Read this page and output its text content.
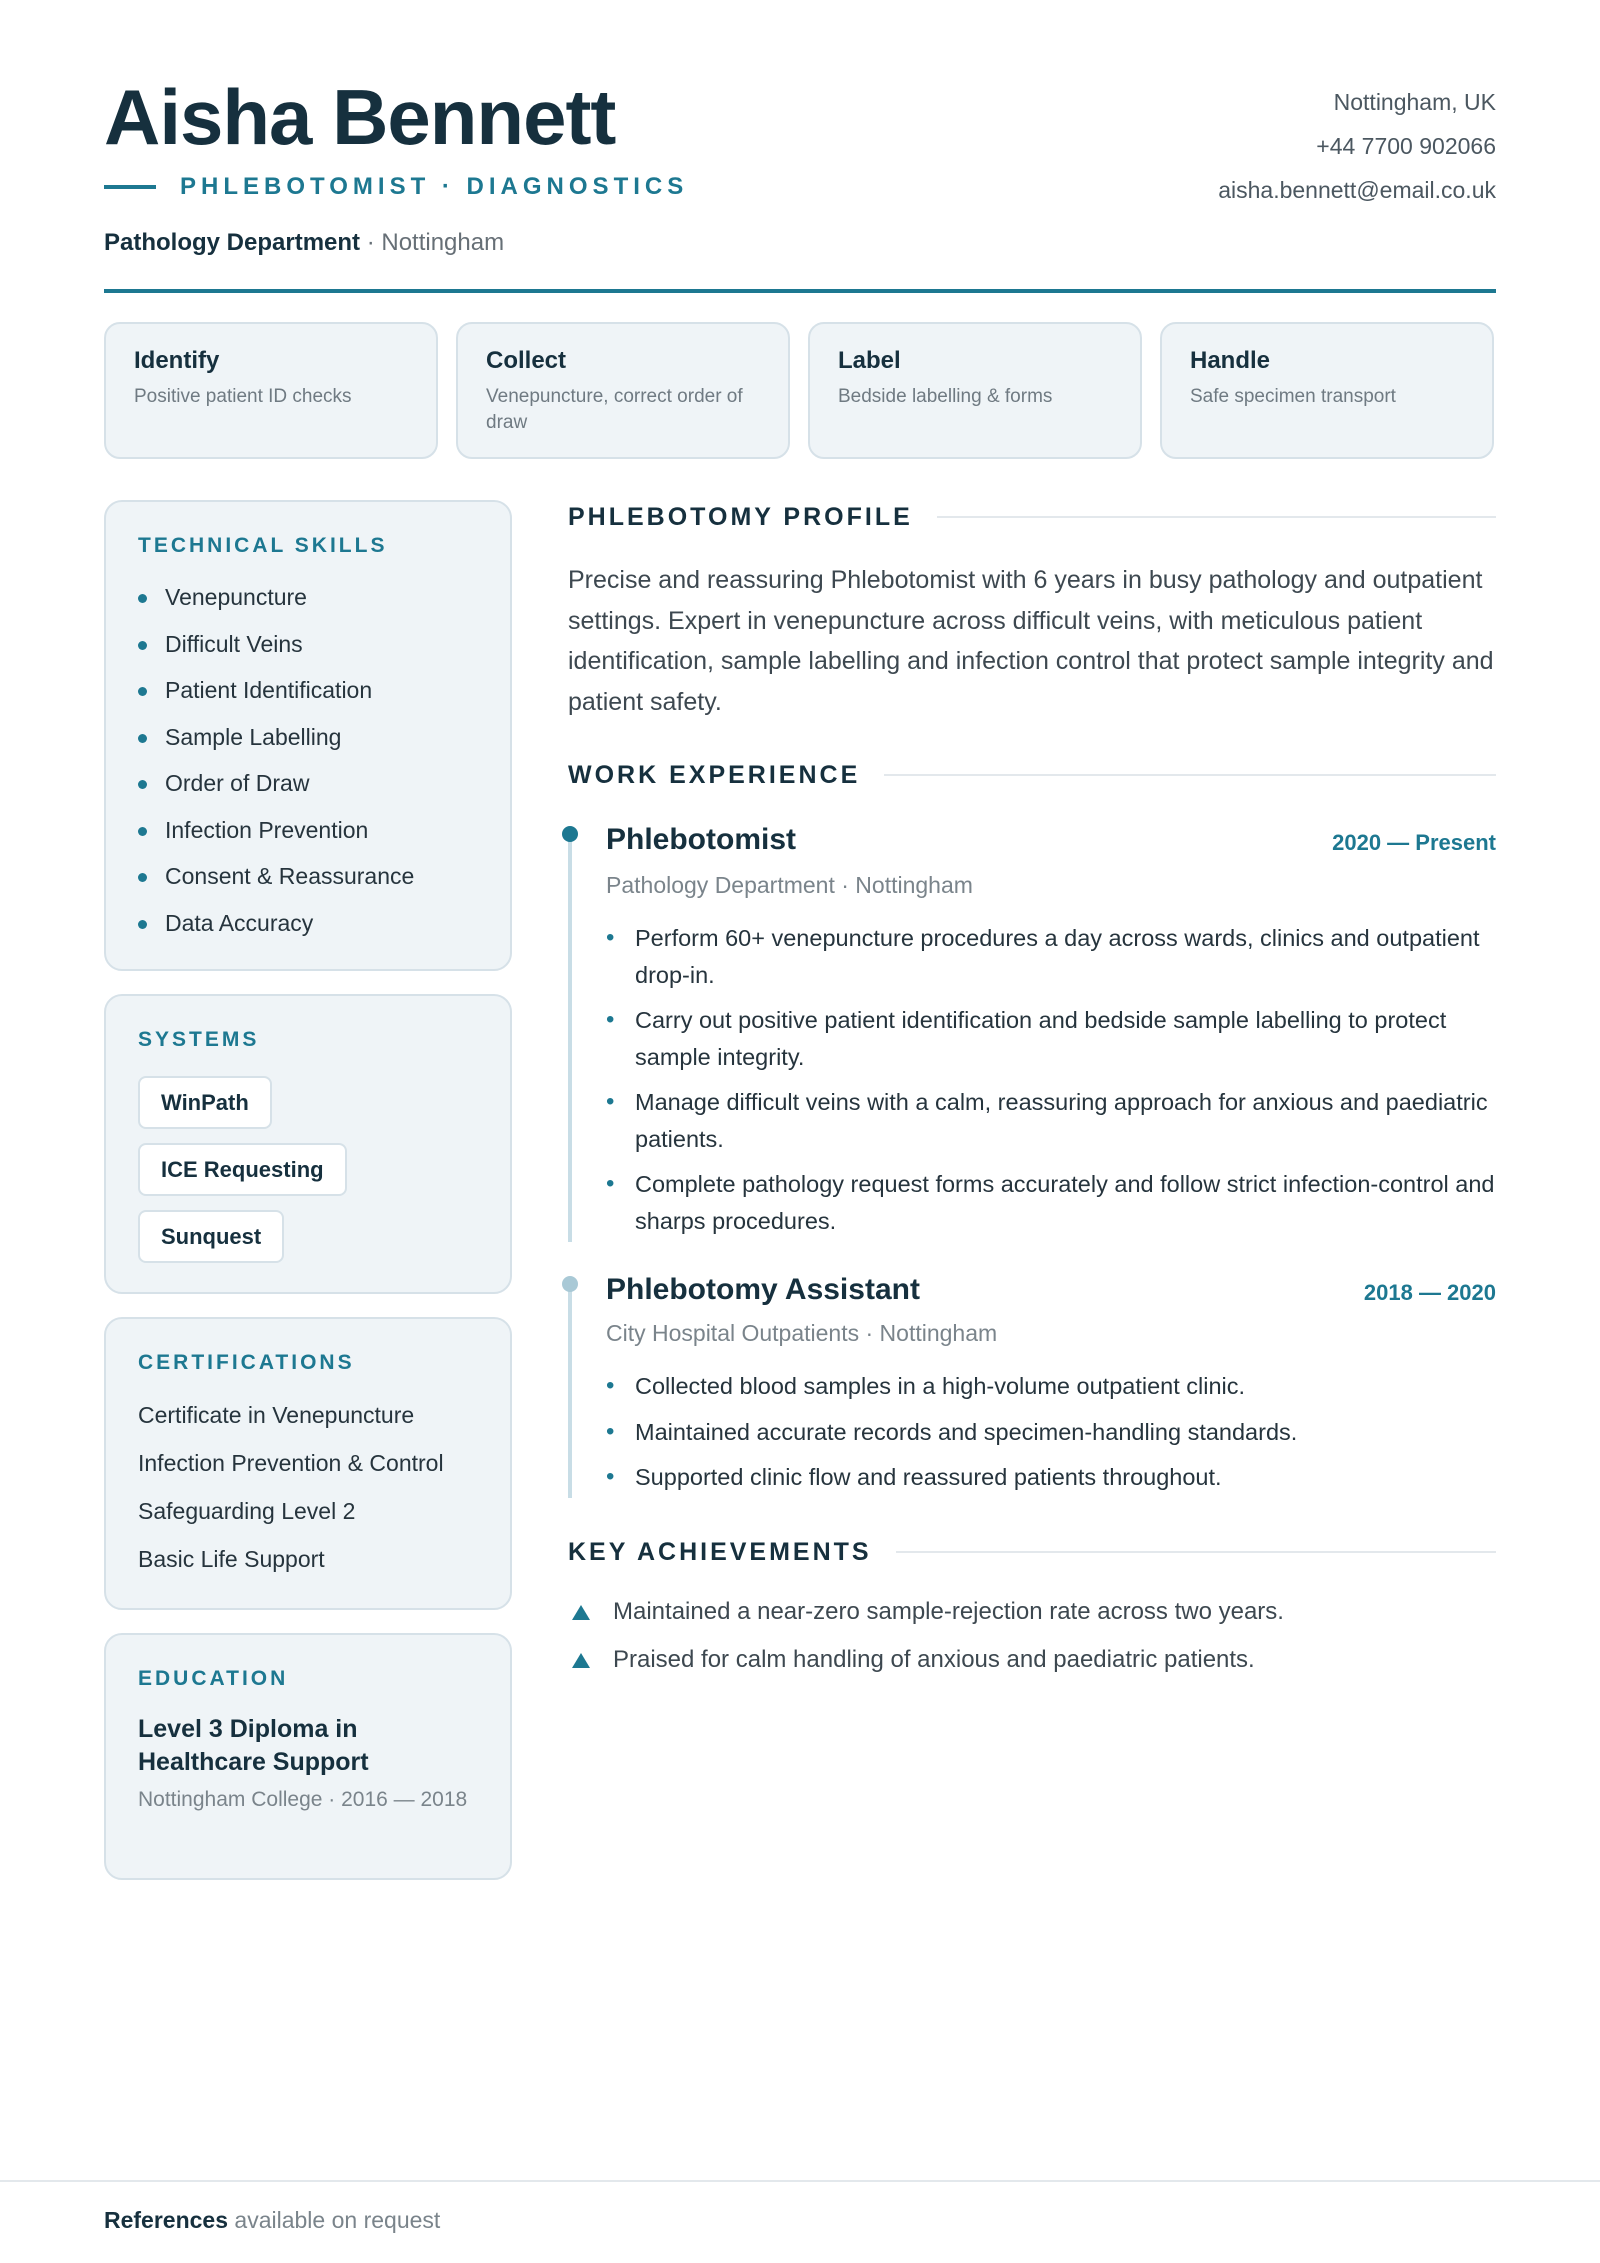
Aisha Bennett
PHLEBOTOMIST · DIAGNOSTICS
Pathology Department · Nottingham
Nottingham, UK
+44 7700 902066
aisha.bennett@email.co.uk
Identify
Positive patient ID checks
Collect
Venepuncture, correct order of draw
Label
Bedside labelling & forms
Handle
Safe specimen transport
TECHNICAL SKILLS
Venepuncture
Difficult Veins
Patient Identification
Sample Labelling
Order of Draw
Infection Prevention
Consent & Reassurance
Data Accuracy
SYSTEMS
WinPath
ICE Requesting
Sunquest
CERTIFICATIONS
Certificate in Venepuncture
Infection Prevention & Control
Safeguarding Level 2
Basic Life Support
EDUCATION
Level 3 Diploma in Healthcare Support
Nottingham College · 2016 — 2018
PHLEBOTOMY PROFILE

Precise and reassuring Phlebotomist with 6 years in busy pathology and outpatient settings. Expert in venepuncture across difficult veins, with meticulous patient identification, sample labelling and infection control that protect sample integrity and patient safety.

WORK EXPERIENCE
Phlebotomist	2020 — Present
Pathology Department · Nottingham
• Perform 60+ venepuncture procedures a day across wards, clinics and outpatient drop-in.
• Carry out positive patient identification and bedside sample labelling to protect sample integrity.
• Manage difficult veins with a calm, reassuring approach for anxious and paediatric patients.
• Complete pathology request forms accurately and follow strict infection-control and sharps procedures.
Phlebotomy Assistant	2018 — 2020
City Hospital Outpatients · Nottingham
• Collected blood samples in a high-volume outpatient clinic.
• Maintained accurate records and specimen-handling standards.
• Supported clinic flow and reassured patients throughout.
KEY ACHIEVEMENTS
Maintained a near-zero sample-rejection rate across two years.
Praised for calm handling of anxious and paediatric patients.
References available on request
